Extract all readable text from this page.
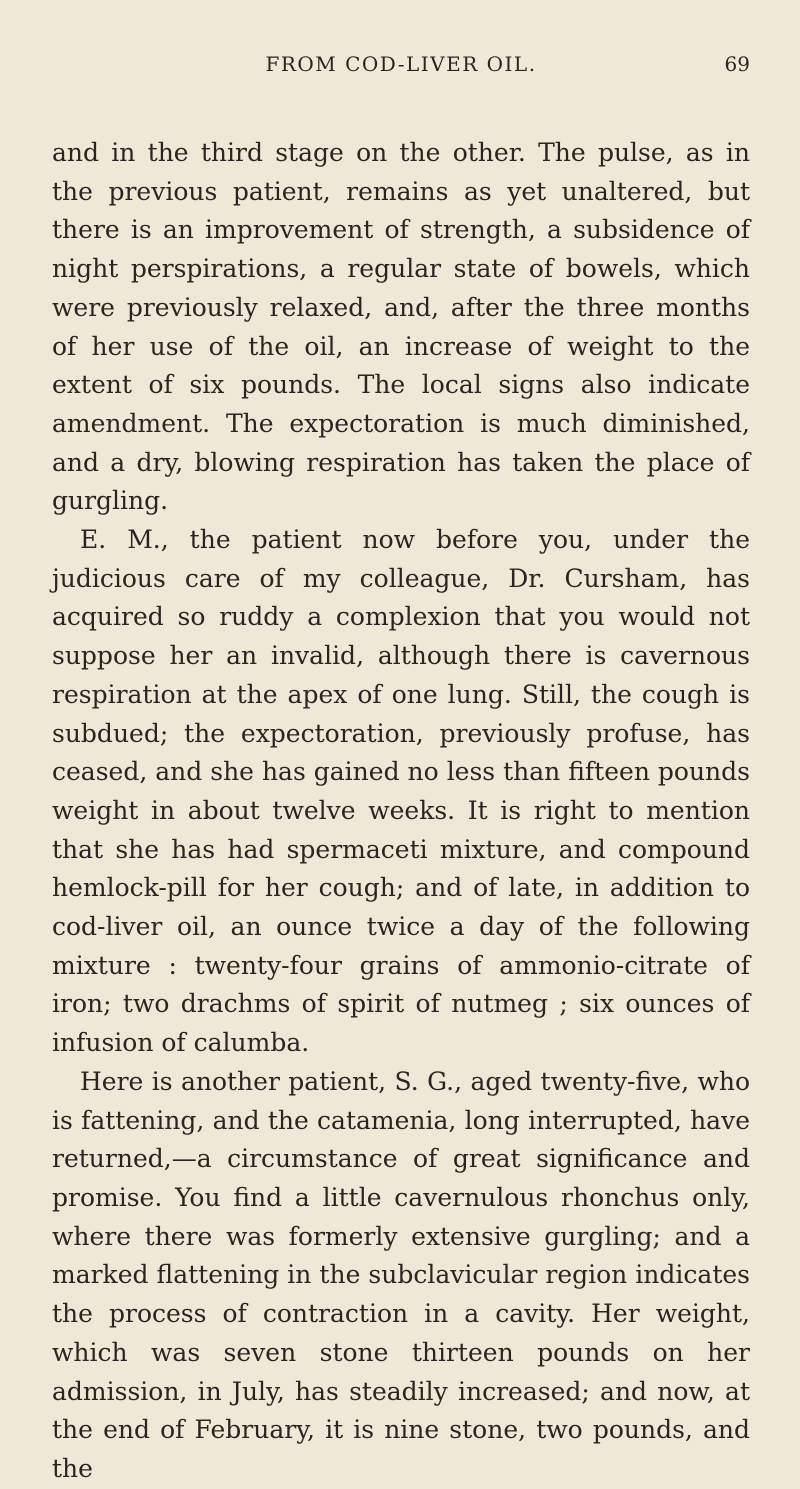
FROM COD-LIVER OIL.	69

and in the third stage on the other. The pulse, as in the previous patient, remains as yet unaltered, but there is an improvement of strength, a subsidence of night perspirations, a regular state of bowels, which were previously relaxed, and, after the three months of her use of the oil, an increase of weight to the extent of six pounds. The local signs also indicate amendment. The expectoration is much diminished, and a dry, blowing respiration has taken the place of gurgling.

E. M., the patient now before you, under the judicious care of my colleague, Dr. Cursham, has acquired so ruddy a complexion that you would not suppose her an invalid, although there is cavernous respiration at the apex of one lung. Still, the cough is subdued; the expectoration, previously profuse, has ceased, and she has gained no less than fifteen pounds weight in about twelve weeks. It is right to mention that she has had spermaceti mixture, and compound hemlock-pill for her cough; and of late, in addition to cod-liver oil, an ounce twice a day of the following mixture : twenty-four grains of ammonio-citrate of iron; two drachms of spirit of nutmeg ; six ounces of infusion of calumba.

Here is another patient, S. G., aged twenty-five, who is fattening, and the catamenia, long interrupted, have returned,—a circumstance of great significance and promise. You find a little cavernulous rhonchus only, where there was formerly extensive gurgling; and a marked flattening in the subclavicular region indicates the process of contraction in a cavity. Her weight, which was seven stone thirteen pounds on her admission, in July, has steadily increased; and now, at the end of February, it is nine stone, two pounds, and the
